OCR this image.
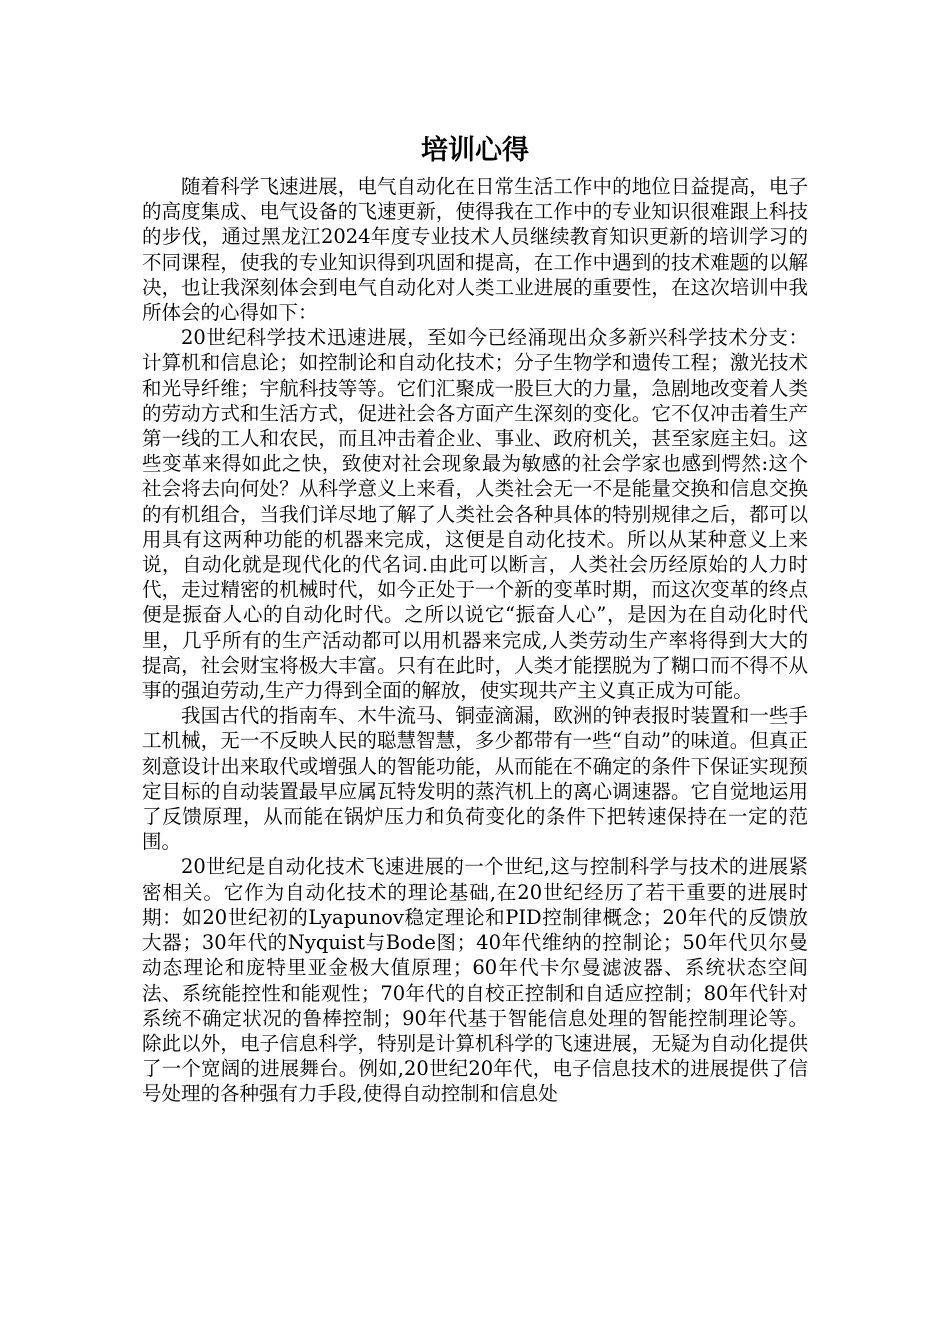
培训心得

随着科学飞速进展，电气自动化在日常生活工作中的地位日益提高，电子的高度集成、电气设备的飞速更新，使得我在工作中的专业知识很难跟上科技的步伐，通过黑龙江2024年度专业技术人员继续教育知识更新的培训学习的不同课程，使我的专业知识得到巩固和提高，在工作中遇到的技术难题的以解决，也让我深刻体会到电气自动化对人类工业进展的重要性，在这次培训中我所体会的心得如下：

20世纪科学技术迅速进展，至如今已经涌现出众多新兴科学技术分支：计算机和信息论；如控制论和自动化技术；分子生物学和遗传工程；激光技术和光导纤维；宇航科技等等。它们汇聚成一股巨大的力量，急剧地改变着人类的劳动方式和生活方式，促进社会各方面产生深刻的变化。它不仅冲击着生产第一线的工人和农民，而且冲击着企业、事业、政府机关，甚至家庭主妇。这些变革来得如此之快，致使对社会现象最为敏感的社会学家也感到愕然:这个社会将去向何处？从科学意义上来看，人类社会无一不是能量交换和信息交换的有机组合，当我们详尽地了解了人类社会各种具体的特别规律之后，都可以用具有这两种功能的机器来完成，这便是自动化技术。所以从某种意义上来说，自动化就是现代化的代名词.由此可以断言，人类社会历经原始的人力时代，走过精密的机械时代，如今正处于一个新的变革时期，而这次变革的终点便是振奋人心的自动化时代。之所以说它“振奋人心”，是因为在自动化时代里，几乎所有的生产活动都可以用机器来完成,人类劳动生产率将得到大大的提高，社会财宝将极大丰富。只有在此时，人类才能摆脱为了糊口而不得不从事的强迫劳动,生产力得到全面的解放，使实现共产主义真正成为可能。

我国古代的指南车、木牛流马、铜壶滴漏，欧洲的钟表报时装置和一些手工机械，无一不反映人民的聪慧智慧，多少都带有一些“自动”的味道。但真正刻意设计出来取代或增强人的智能功能，从而能在不确定的条件下保证实现预定目标的自动装置最早应属瓦特发明的蒸汽机上的离心调速器。它自觉地运用了反馈原理，从而能在锅炉压力和负荷变化的条件下把转速保持在一定的范围。

20世纪是自动化技术飞速进展的一个世纪,这与控制科学与技术的进展紧密相关。它作为自动化技术的理论基础,在20世纪经历了若干重要的进展时期：如20世纪初的Lyapunov稳定理论和PID控制律概念；20年代的反馈放大器；30年代的Nyquist与Bode图；40年代维纳的控制论；50年代贝尔曼动态理论和庞特里亚金极大值原理；60年代卡尔曼滤波器、系统状态空间法、系统能控性和能观性；70年代的自校正控制和自适应控制；80年代针对系统不确定状况的鲁棒控制；90年代基于智能信息处理的智能控制理论等。除此以外，电子信息科学，特别是计算机科学的飞速进展，无疑为自动化提供了一个宽阔的进展舞台。例如,20世纪20年代，电子信息技术的进展提供了信号处理的各种强有力手段,使得自动控制和信息处
